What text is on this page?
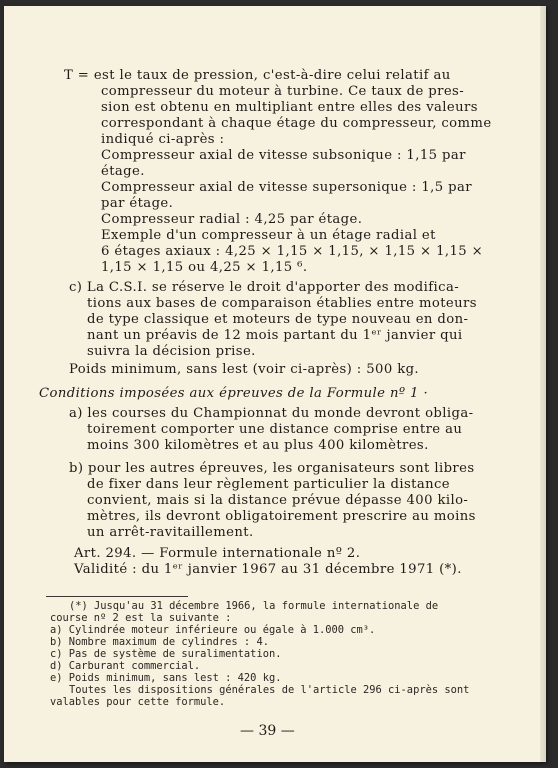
T = est le taux de pression, c'est-à-dire celui relatif au
compresseur du moteur à turbine. Ce taux de pres-
sion est obtenu en multipliant entre elles des valeurs
correspondant à chaque étage du compresseur, comme
indiqué ci-après :
Compresseur axial de vitesse subsonique : 1,15 par
étage.
Compresseur axial de vitesse supersonique : 1,5 par
par étage.
Compresseur radial : 4,25 par étage.
Exemple d'un compresseur à un étage radial et
6 étages axiaux : 4,25 × 1,15 × 1,15, × 1,15 × 1,15 ×
1,15 × 1,15 ou 4,25 × 1,15 ⁶.
c) La C.S.I. se réserve le droit d'apporter des modifica-
tions aux bases de comparaison établies entre moteurs
de type classique et moteurs de type nouveau en don-
nant un préavis de 12 mois partant du 1ᵉʳ janvier qui
suivra la décision prise.
Poids minimum, sans lest (voir ci-après) : 500 kg.
Conditions imposées aux épreuves de la Formule nº 1 ·
a) les courses du Championnat du monde devront obliga-
toirement comporter une distance comprise entre au
moins 300 kilomètres et au plus 400 kilomètres.
b) pour les autres épreuves, les organisateurs sont libres
de fixer dans leur règlement particulier la distance
convient, mais si la distance prévue dépasse 400 kilo-
mètres, ils devront obligatoirement prescrire au moins
un arrêt-ravitaillement.
Art. 294. — Formule internationale nº 2.
Validité : du 1ᵉʳ janvier 1967 au 31 décembre 1971 (*).
(*) Jusqu'au 31 décembre 1966, la formule internationale de
course nº 2 est la suivante :
a) Cylindrée moteur inférieure ou égale à 1.000 cm³.
b) Nombre maximum de cylindres : 4.
c) Pas de système de suralimentation.
d) Carburant commercial.
e) Poids minimum, sans lest : 420 kg.
Toutes les dispositions générales de l'article 296 ci-après sont
valables pour cette formule.
— 39 —
